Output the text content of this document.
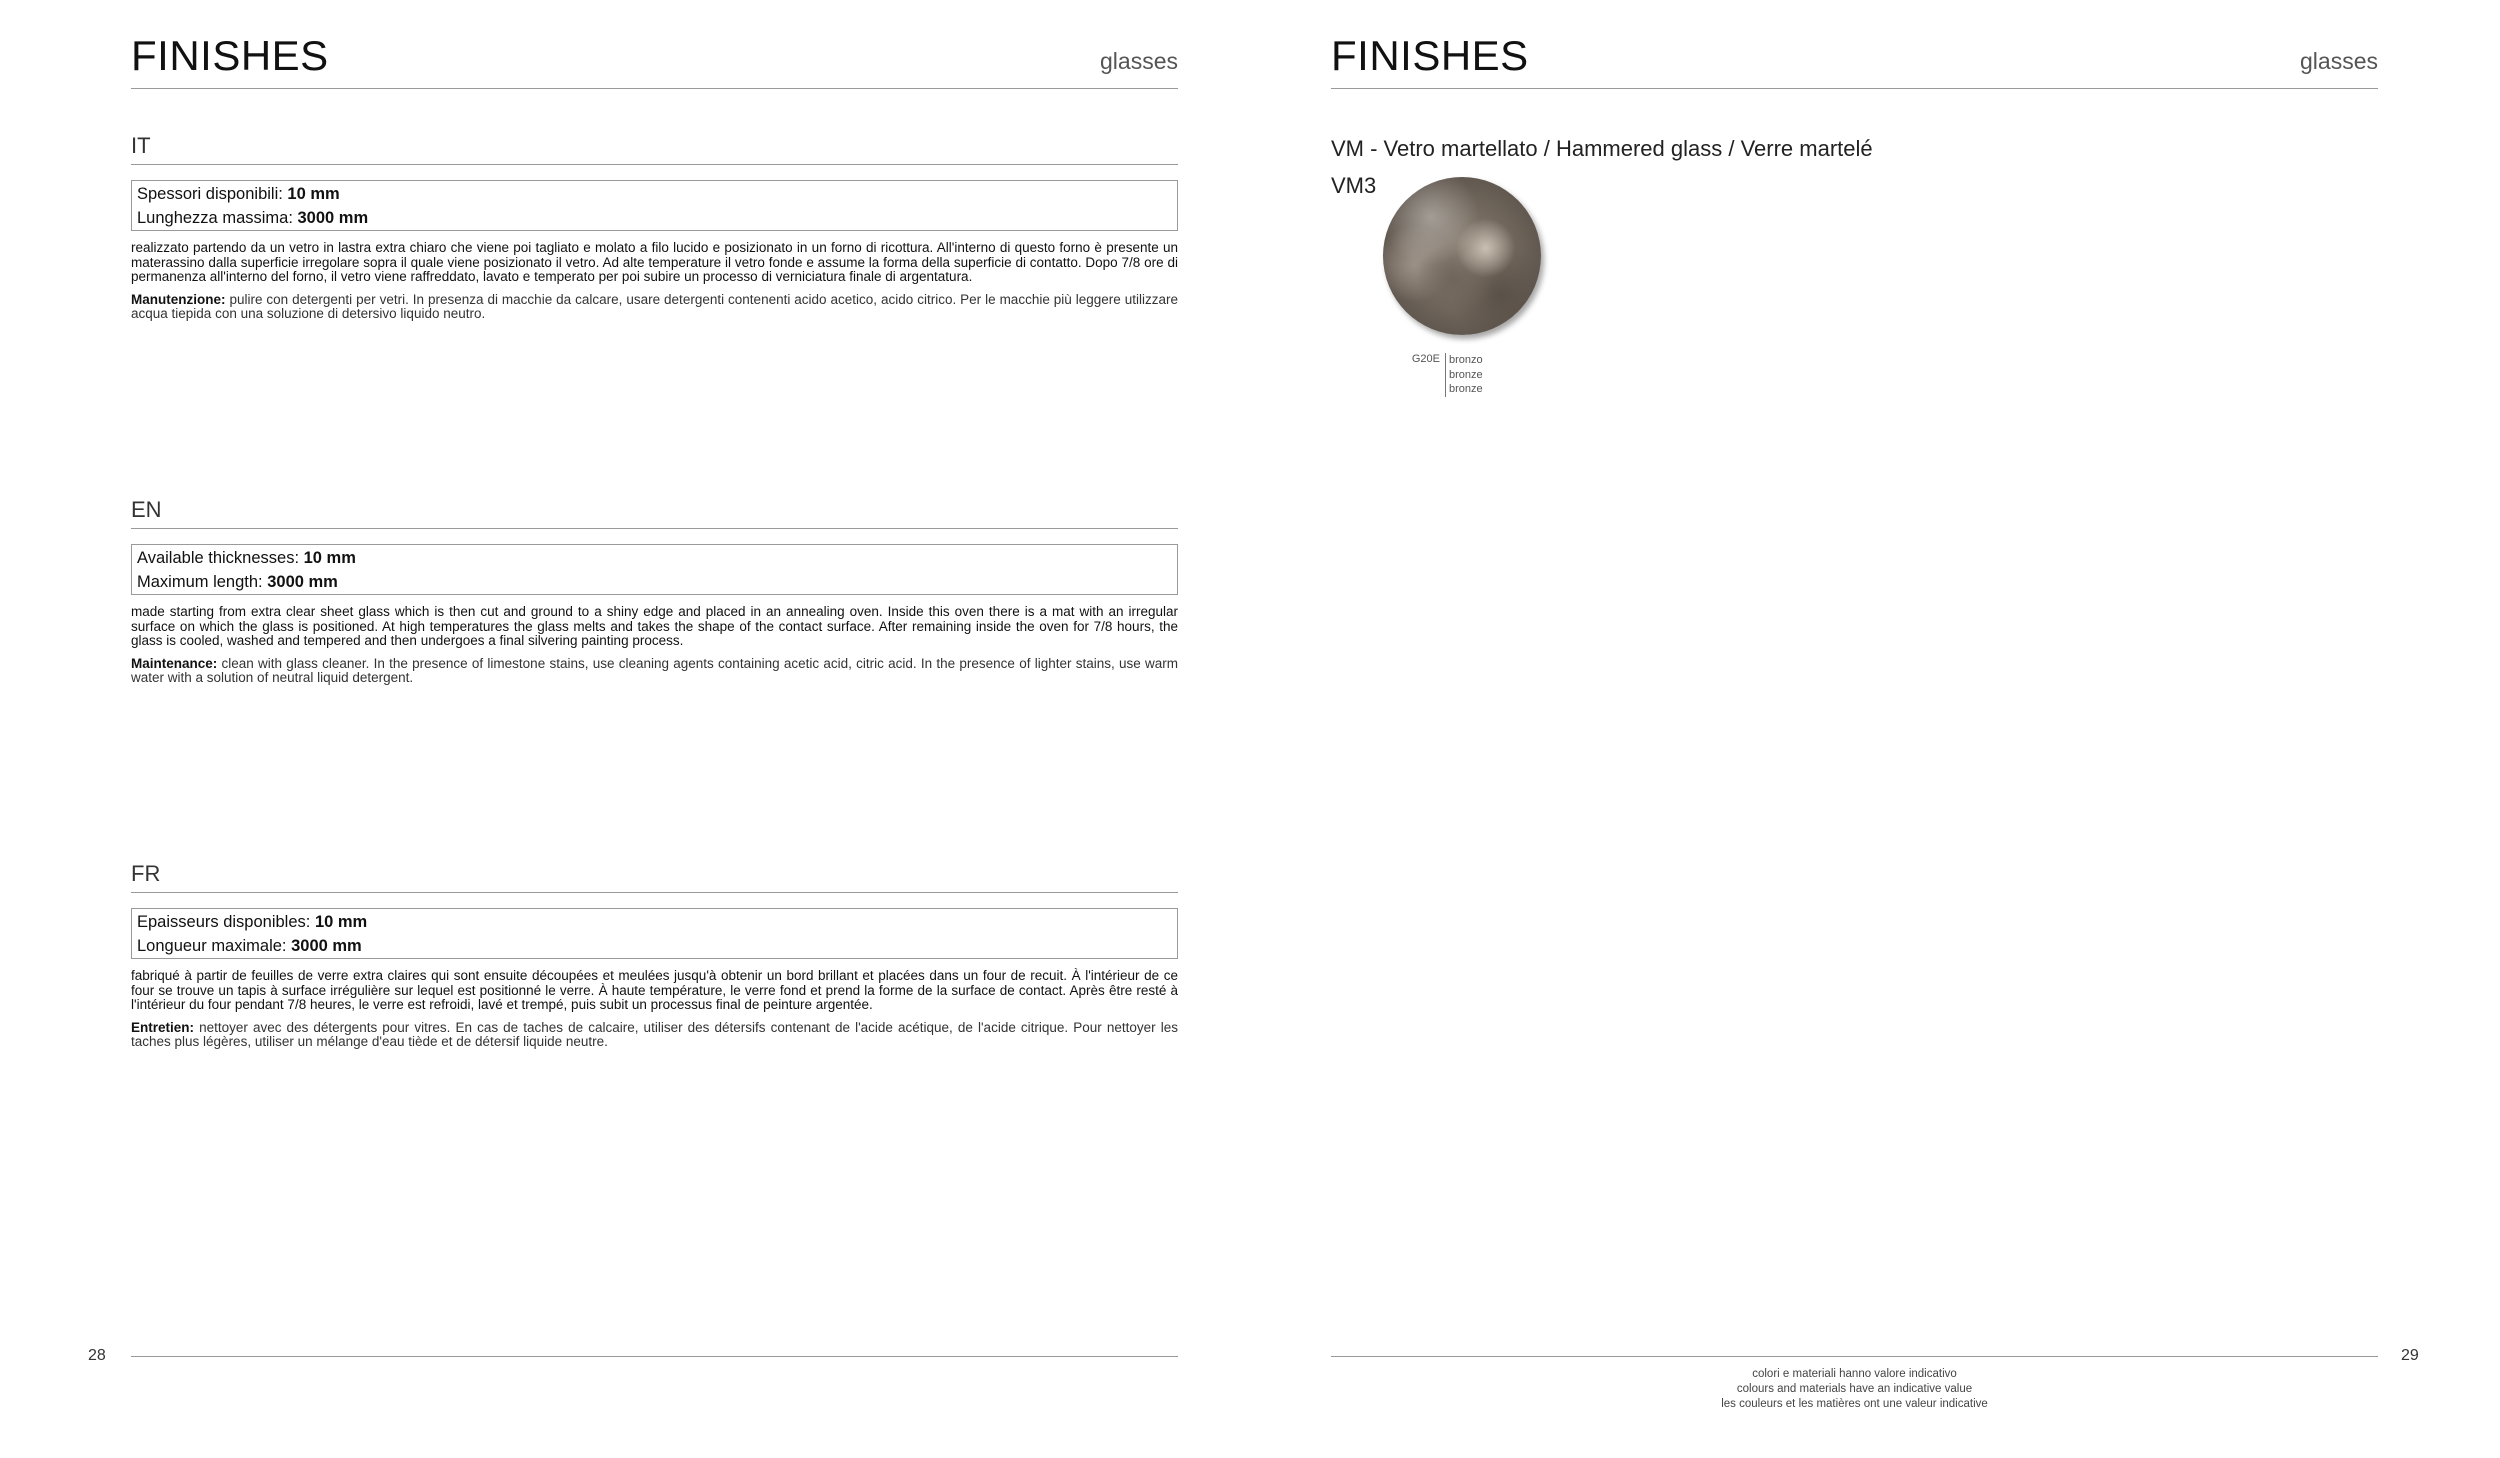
FINISHES	glasses
IT
Spessori disponibili: 10 mm
Lunghezza massima: 3000 mm
realizzato partendo da un vetro in lastra extra chiaro che viene poi tagliato e molato a filo lucido e posizionato in un forno di ricottura. All'interno di questo forno è presente un materassino dalla superficie irregolare sopra il quale viene posizionato il vetro. Ad alte temperature il vetro fonde e assume la forma della superficie di contatto. Dopo 7/8 ore di permanenza all'interno del forno, il vetro viene raffreddato, lavato e temperato per poi subire un processo di verniciatura finale di argentatura.
Manutenzione: pulire con detergenti per vetri. In presenza di macchie da calcare, usare detergenti contenenti acido acetico, acido citrico. Per le macchie più leggere utilizzare acqua tiepida con una soluzione di detersivo liquido neutro.
EN
Available thicknesses: 10 mm
Maximum length: 3000 mm
made starting from extra clear sheet glass which is then cut and ground to a shiny edge and placed in an annealing oven. Inside this oven there is a mat with an irregular surface on which the glass is positioned. At high temperatures the glass melts and takes the shape of the contact surface. After remaining inside the oven for 7/8 hours, the glass is cooled, washed and tempered and then undergoes a final silvering painting process.
Maintenance: clean with glass cleaner. In the presence of limestone stains, use cleaning agents containing acetic acid, citric acid. In the presence of lighter stains, use warm water with a solution of neutral liquid detergent.
FR
Epaisseurs disponibles: 10 mm
Longueur maximale: 3000 mm
fabriqué à partir de feuilles de verre extra claires qui sont ensuite découpées et meulées jusqu'à obtenir un bord brillant et placées dans un four de recuit. À l'intérieur de ce four se trouve un tapis à surface irrégulière sur lequel est positionné le verre. À haute température, le verre fond et prend la forme de la surface de contact. Après être resté à l'intérieur du four pendant 7/8 heures, le verre est refroidi, lavé et trempé, puis subit un processus final de peinture argentée.
Entretien: nettoyer avec des détergents pour vitres. En cas de taches de calcaire, utiliser des détersifs contenant de l'acide acétique, de l'acide citrique. Pour nettoyer les taches plus légères, utiliser un mélange d'eau tiède et de détersif liquide neutre.
28
FINISHES	glasses
VM - Vetro martellato / Hammered glass / Verre martelé
VM3
G20E bronzo
bronze
bronze
29
colori e materiali hanno valore indicativo
colours and materials have an indicative value
les couleurs et les matières ont une valeur indicative
